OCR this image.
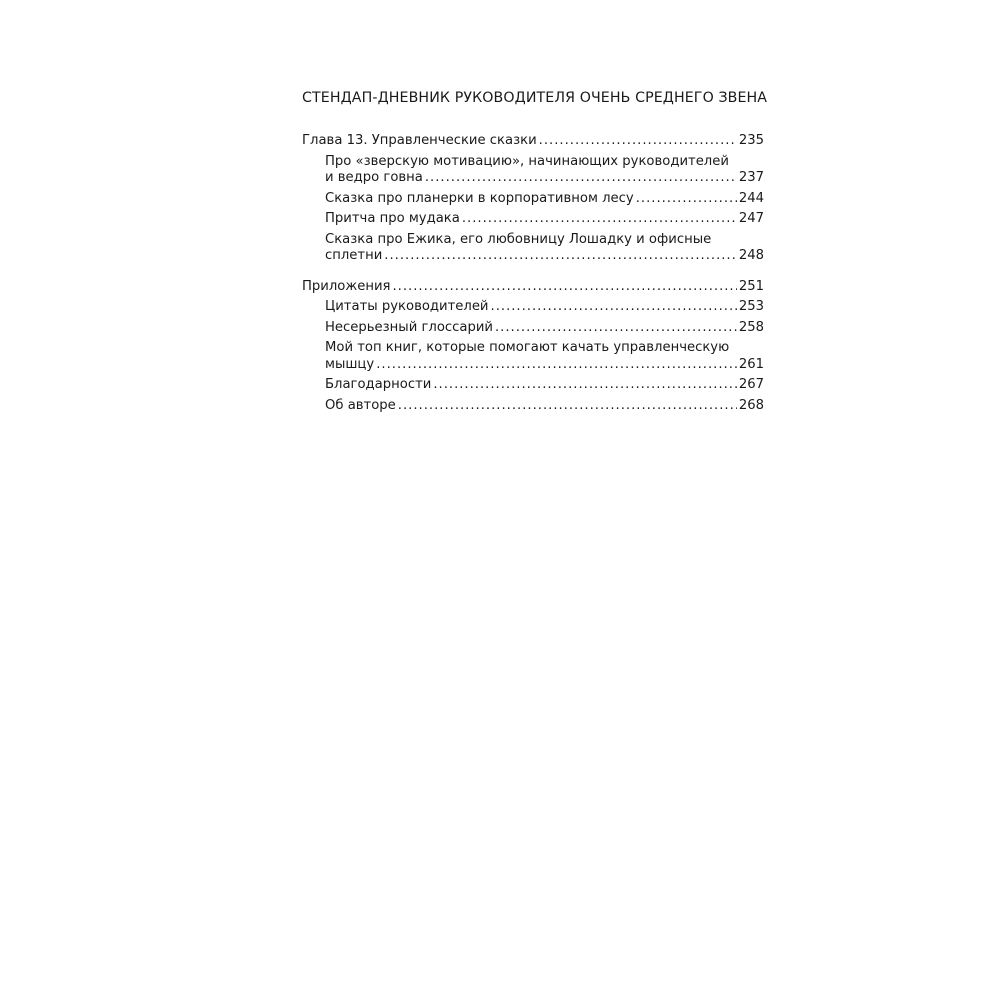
СТЕНДАП-ДНЕВНИК РУКОВОДИТЕЛЯ ОЧЕНЬ СРЕДНЕГО ЗВЕНА
Глава 13. Управленческие сказки . . .	235
Про «зверскую мотивацию», начинающих руководителей
и ведро говна . . .	237
Сказка про планерки в корпоративном лесу . . .	244
Притча про мудака . . .	247
Сказка про Ежика, его любовницу Лошадку и офисные
сплетни . . .	248
Приложения . . .	251
Цитаты руководителей . . .	253
Несерьезный глоссарий . . .	258
Мой топ книг, которые помогают качать управленческую
мышцу . . .	261
Благодарности . . .	267
Об авторе . . .	268
